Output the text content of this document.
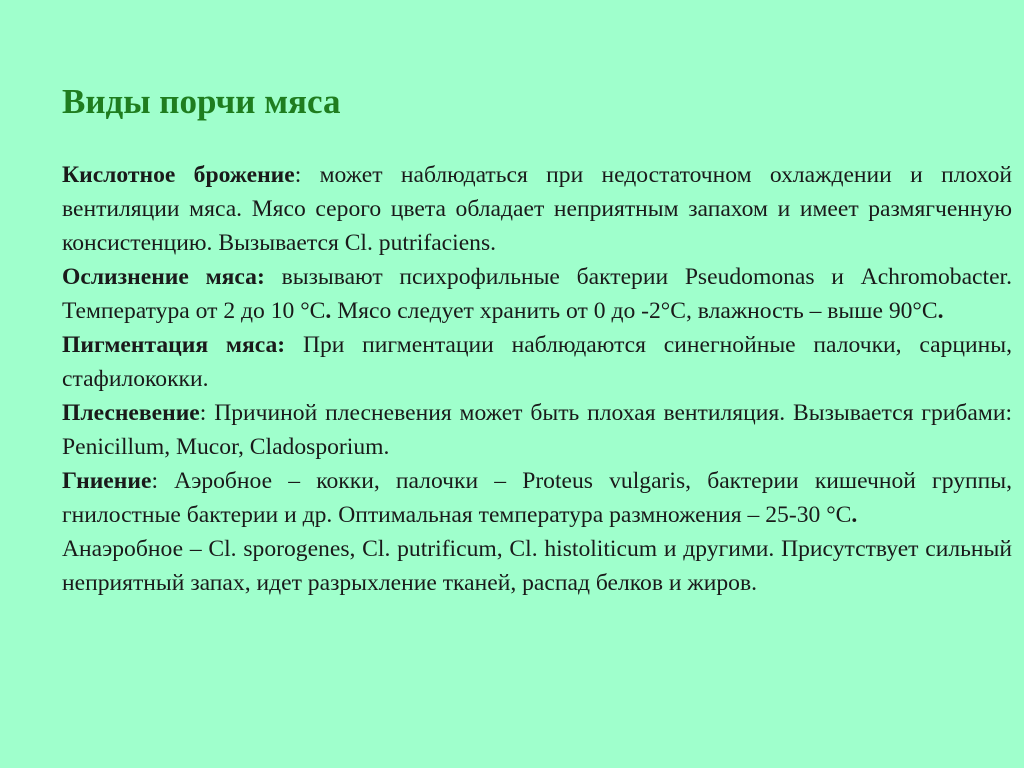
Виды порчи мяса

Кислотное брожение: может наблюдаться при недостаточном охлаждении и плохой вентиляции мяса. Мясо серого цвета обладает неприятным запахом и имеет размягченную консистенцию. Вызывается Cl. putrifaciens.

Ослизнение мяса: вызывают психрофильные бактерии Pseudomonas и Achromobacter. Температура от 2 до 10 °С. Мясо следует хранить от 0 до -2°С, влажность – выше 90°С.

Пигментация мяса: При пигментации наблюдаются синегнойные палочки, сарцины, стафилококки.

Плесневение: Причиной плесневения может быть плохая вентиляция. Вызывается грибами: Penicillum, Mucor, Cladosporium.

Гниение: Аэробное – кокки, палочки – Proteus vulgaris, бактерии кишечной группы, гнилостные бактерии и др. Оптимальная температура размножения – 25-30 °С.

Анаэробное – Cl. sporogenes, Cl. putrificum, Cl. histoliticum и другими. Присутствует сильный неприятный запах, идет разрыхление тканей, распад белков и жиров.
